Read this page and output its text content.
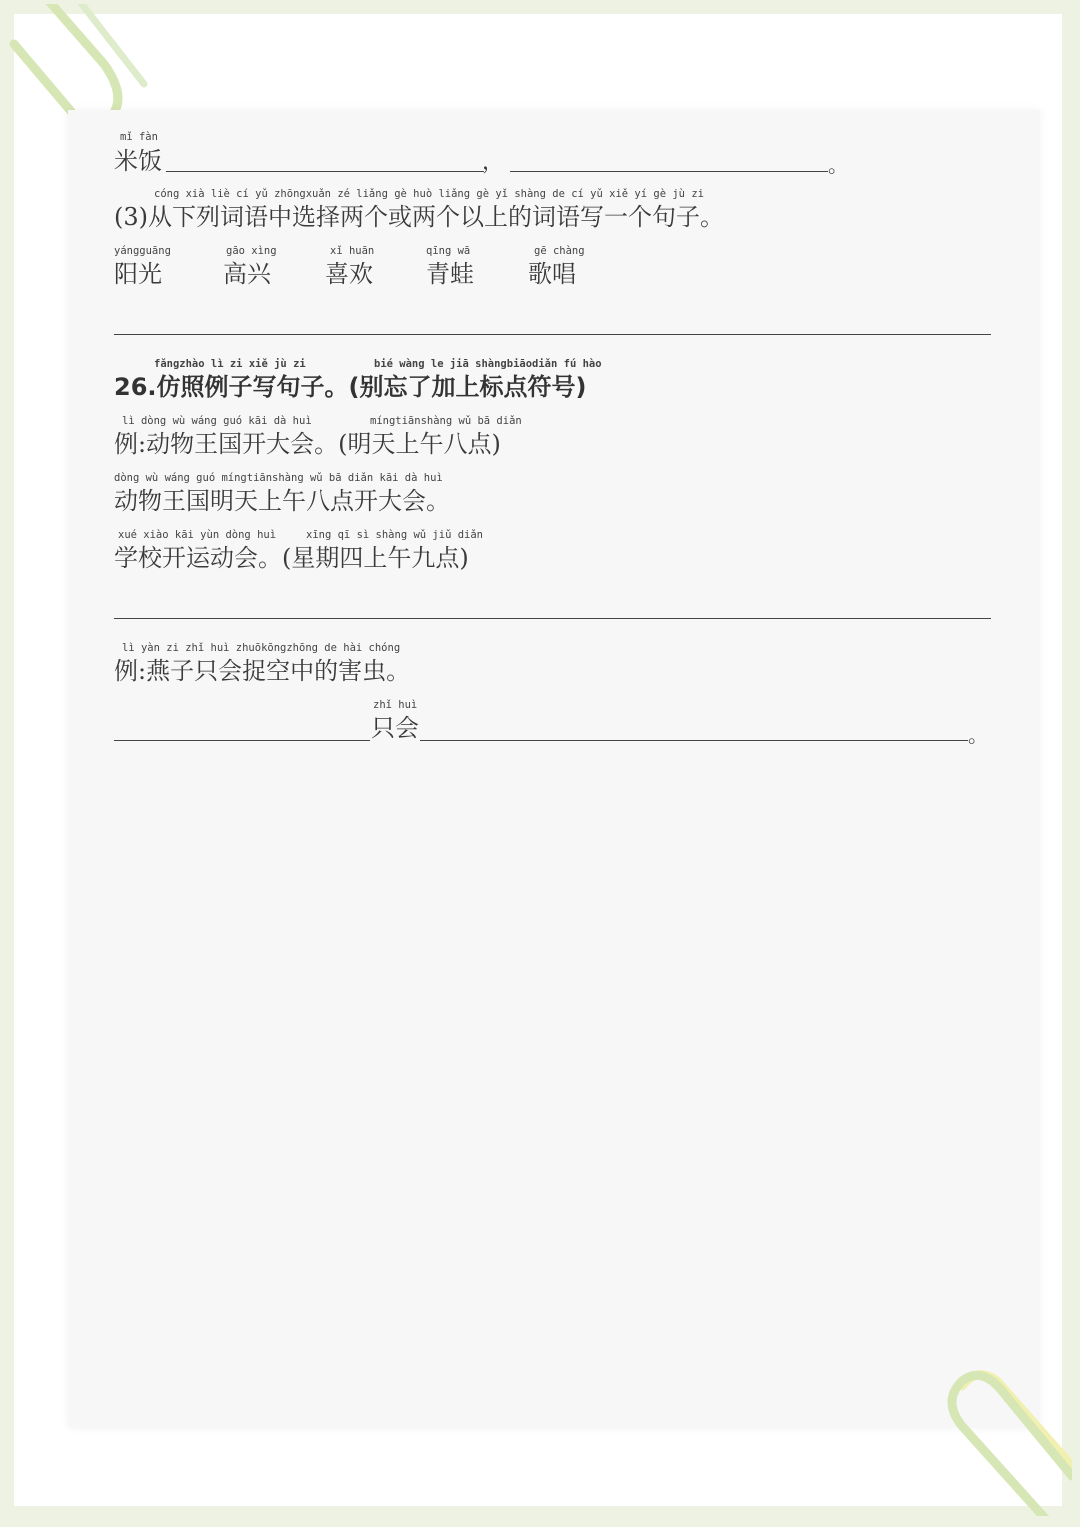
mǐ fàn
米饭	，	。
cóng xià liè cí yǔ zhōngxuǎn zé liǎng gè huò liǎng gè yǐ shàng de cí yǔ xiě yí gè jù zi
(3)从下列词语中选择两个或两个以上的词语写一个句子。
yángguāng
阳光
gāo xìng
高兴
xǐ huān
喜欢
qīng wā
青蛙
gē chàng
歌唱
fǎngzhào lì zi xiě jù zi	bié wàng le jiā shàngbiāodiǎn fú hào
26.仿照例子写句子。(别忘了加上标点符号)
lì dòng wù wáng guó kāi dà huì	míngtiānshàng wǔ bā diǎn
例:动物王国开大会。(明天上午八点)
dòng wù wáng guó míngtiānshàng wǔ bā diǎn kāi dà huì
动物王国明天上午八点开大会。
xué xiào kāi yùn dòng huì	xīng qī sì shàng wǔ jiǔ diǎn
学校开运动会。(星期四上午九点)
lì yàn zi zhǐ huì zhuōkōngzhōng de hài chóng
例:燕子只会捉空中的害虫。
zhǐ huì
只会	。
